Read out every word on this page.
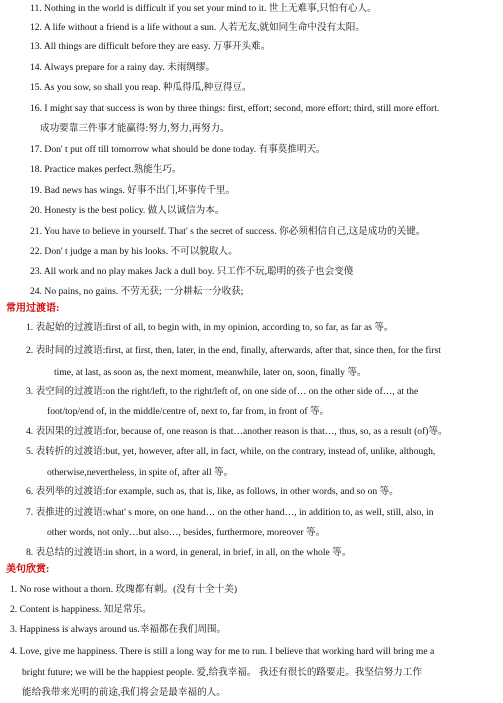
11. Nothing in the world is difficult if you set your mind to it. 世上无难事,只怕有心人。
12. A life without a friend is a life without a sun. 人若无友,就如同生命中没有太阳。
13. All things are difficult before they are easy. 万事开头难。
14. Always prepare for a rainy day. 未雨绸缪。
15. As you sow, so shall you reap. 种瓜得瓜,种豆得豆。
16. I might say that success is won by three things: first, effort; second, more effort; third, still more effort.
成功要靠三件事才能赢得:努力,努力,再努力。
17. Don' t put off till tomorrow what should be done today. 有事莫推明天。
18. Practice makes perfect.熟能生巧。
19. Bad news has wings. 好事不出门,坏事传千里。
20. Honesty is the best policy. 做人以诚信为本。
21. You have to believe in yourself. That' s the secret of success. 你必须相信自己,这是成功的关键。
22. Don' t judge a man by his looks. 不可以貌取人。
23. All work and no play makes Jack a dull boy. 只工作不玩,聪明的孩子也会变傻
24. No pains, no gains. 不劳无获; 一分耕耘一分收获;
常用过渡语:
1. 表起始的过渡语:first of all, to begin with, in my opinion, according to, so far, as far as 等。
2. 表时间的过渡语:first, at first, then, later, in the end, finally, afterwards, after that, since then, for the first
time, at last, as soon as, the next moment, meanwhile, later on, soon, finally 等。
3. 表空间的过渡语:on the right/left, to the right/left of, on one side of… on the other side of…, at the
foot/top/end of, in the middle/centre of, next to, far from, in front of 等。
4. 表因果的过渡语:for, because of, one reason is that…another reason is that…, thus, so, as a result (of)等。
5. 表转折的过渡语:but, yet, however, after all, in fact, while, on the contrary, instead of, unlike, although,
otherwise,nevertheless, in spite of, after all 等。
6. 表列举的过渡语:for example, such as, that is, like, as follows, in other words, and so on 等。
7. 表推进的过渡语:what' s more, on one hand… on the other hand…, in addition to, as well, still, also, in
other words, not only…but also…, besides, furthermore, moreover 等。
8. 表总结的过渡语:in short, in a word, in general, in brief, in all, on the whole 等。
美句欣赏:
1. No rose without a thorn. 玫瑰都有刺。(没有十全十美)
2. Content is happiness. 知足常乐。
3. Happiness is always around us.幸福都在我们周围。
4. Love, give me happiness. There is still a long way for me to run. I believe that working hard will bring me a
bright future; we will be the happiest people. 爱,给我幸福。 我还有很长的路要走。我坚信努力工作
能给我带来光明的前途,我们将会是最幸福的人。
